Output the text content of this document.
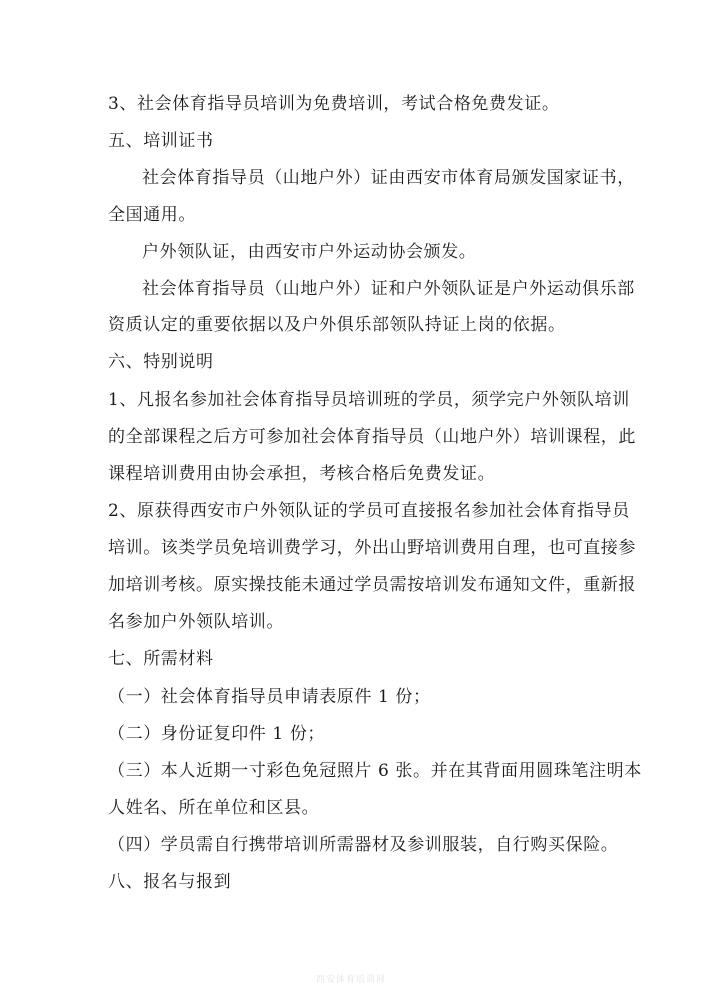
3、社会体育指导员培训为免费培训，考试合格免费发证。
五、培训证书
社会体育指导员（山地户外）证由西安市体育局颁发国家证书，
全国通用。
户外领队证，由西安市户外运动协会颁发。
社会体育指导员（山地户外）证和户外领队证是户外运动俱乐部
资质认定的重要依据以及户外俱乐部领队持证上岗的依据。
六、特别说明
1、凡报名参加社会体育指导员培训班的学员，须学完户外领队培训
的全部课程之后方可参加社会体育指导员（山地户外）培训课程，此
课程培训费用由协会承担，考核合格后免费发证。
2、原获得西安市户外领队证的学员可直接报名参加社会体育指导员
培训。该类学员免培训费学习，外出山野培训费用自理，也可直接参
加培训考核。原实操技能未通过学员需按培训发布通知文件，重新报
名参加户外领队培训。
七、所需材料
（一）社会体育指导员申请表原件 1 份；
（二）身份证复印件 1 份；
（三）本人近期一寸彩色免冠照片 6 张。并在其背面用圆珠笔注明本
人姓名、所在单位和区县。
（四）学员需自行携带培训所需器材及参训服装，自行购买保险。
八、报名与报到
西安体育培训网
